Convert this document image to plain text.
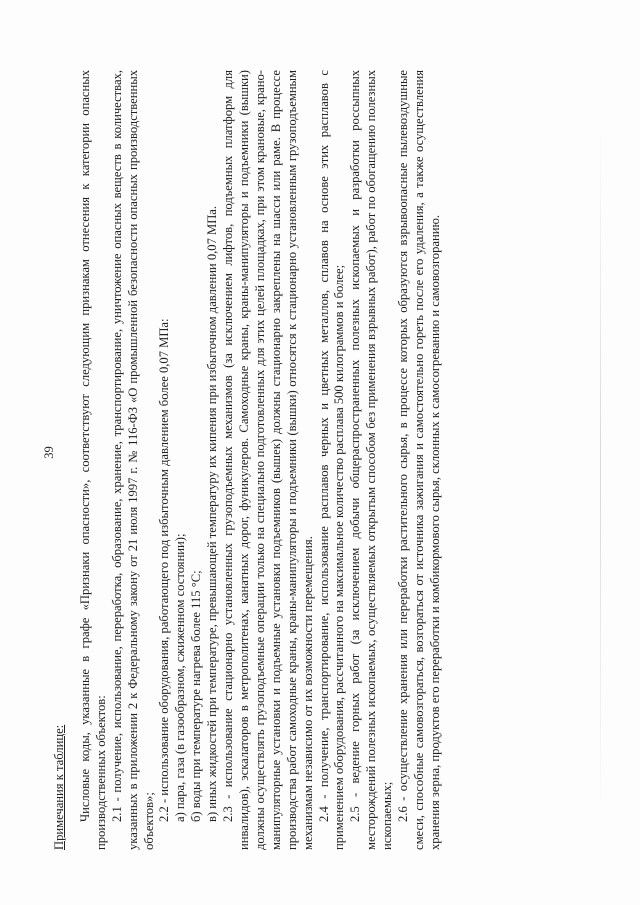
39

Примечания к таблице: Числовые коды, указанные в графе «Признаки опасности», соответствуют следующим признакам отнесения к категории опасных производственных объектов: 2.1 - получение, использование, переработка, образование, хранение, транспортирование, уничтожение опасных веществ в количествах, указанных в приложении 2 к Федеральному закону от 21 июля 1997 г. № 116-ФЗ «О промышленной безопасности опасных производственных объектов»; 2.2 - использование оборудования, работающего под избыточным давлением более 0,07 МПа: а) пара, газа (в газообразном, сжиженном состоянии); б) воды при температуре нагрева более 115 °С; в) иных жидкостей при температуре, превышающей температуру их кипения при избыточном давлении 0,07 МПа. 2.3 - использование стационарно установленных грузоподъемных механизмов (за исключением лифтов, подъемных платформ для инвалидов), эскалаторов в метрополитенах, канатных дорог, фуникулеров. Самоходные краны, краны-манипуляторы и подъемники (вышки) должны осуществлять грузоподъемные операции только на специально подготовленных для этих целей площадках, при этом крановые, крано-манипуляторные установки и подъемные установки подъемников (вышек) должны стационарно закреплены на шасси или раме. В процессе производства работ самоходные краны, краны-манипуляторы и подъемники (вышки) относятся к стационарно установленным грузоподъемным механизмам независимо от их возможности перемещения. 2.4 - получение, транспортирование, использование расплавов черных и цветных металлов, сплавов на основе этих расплавов с применением оборудования, рассчитанного на максимальное количество расплава 500 килограммов и более; 2.5 - ведение горных работ (за исключением добычи общераспространенных полезных ископаемых и разработки россыпных месторождений полезных ископаемых, осуществляемых открытым способом без применения взрывных работ), работ по обогащению полезных ископаемых; 2.6 - осуществление хранения или переработки растительного сырья, в процессе которых образуются взрывоопасные пылевоздушные смеси, способные самовозгораться, возгораться от источника зажигания и самостоятельно гореть после его удаления, а также осуществления хранения зерна, продуктов его переработки и комбикормового сырья, склонных к самосогреванию и самовозгоранию.
